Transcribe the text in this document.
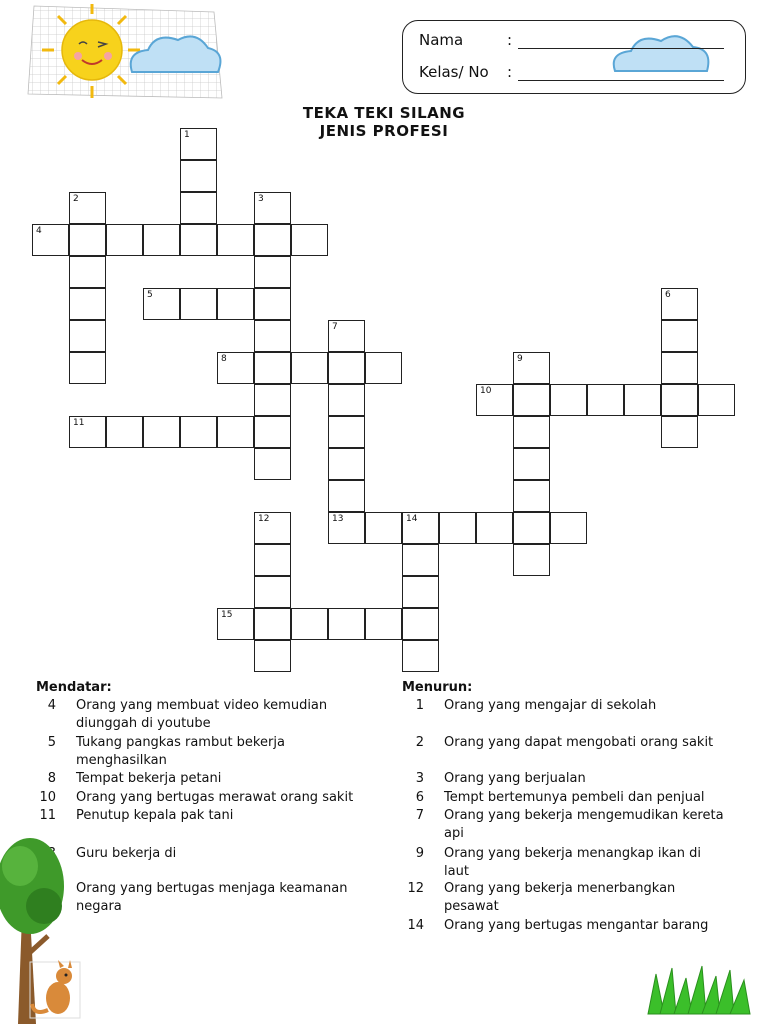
Nama	:
Kelas/ No :
TEKA TEKI SILANG
JENIS PROFESI
1
2	3
4
5	6
7
13
8	9
10
11
12	14
15
Mendatar:	Menurun:
4 Orang yang membuat video kemudian
diunggah di youtube
5 Tukang pangkas rambut bekerja
menghasilkan
8 Tempat bekerja petani
10 Orang yang bertugas merawat orang sakit
11 Penutup kepala pak tani
Guru bekerja di
Orang yang bertugas menjaga keamanan
negara
1 Orang yang mengajar di sekolah
2 Orang yang dapat mengobati orang sakit
3 Orang yang berjualan
6 Tempt bertemunya pembeli dan penjual
7 Orang yang bekerja mengemudikan kereta
api
9 Orang yang bekerja menangkap ikan di
laut
12 Orang yang bekerja menerbangkan
pesawat
14 Orang yang bertugas mengantar barang
